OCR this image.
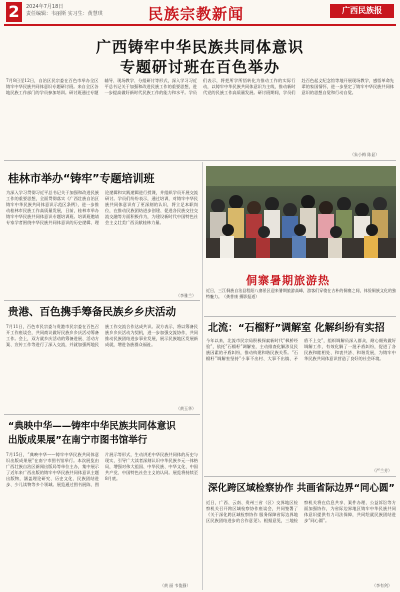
2	2024年7月18日
责任编辑：韦丽斯 实习生：黄慧琪	民族宗教新闻	广西民族报
广西铸牢中华民族共同体意识
专题研讨班在百色举办
7月8日至12日，自治区民宗委在百色市举办全区铸牢中华民族共同体意识专题研讨班。来自全区各地民族工作部门的学员参加培训。研讨班通过专题辅导、现场教学、分组研讨等形式，深入学习习近平总书记关于加强和改进民族工作的重要思想，进一步提高做好新时代民族工作的能力和水平。学员们表示，将把所学所悟转化为推动工作的实际行动，以铸牢中华民族共同体意识为主线，推动新时代党的民族工作高质量发展。研讨班期间，学员们赴百色起义纪念馆等地开展现场教学，感悟革命先辈的家国情怀，进一步坚定了铸牢中华民族共同体意识的思想自觉和行动自觉。
（朱小梅 陈显）
桂林市举办“铸牢”专题培训班
为深入学习贯彻习近平总书记关于加强和改进民族工作的重要思想，全面贯彻落实《广西壮族自治区铸牢中华民族共同体意识示范区条例》，进一步推动桂林市民族工作高质量发展，日前，桂林市举办铸牢中华民族共同体意识专题培训班。培训班邀请专家学者围绕中华民族共同体意识的历史逻辑、理论逻辑和实践逻辑进行授课，并组织学员开展交流研讨。学员们纷纷表示，通过培训，对铸牢中华民族共同体意识有了更深刻的认识，将立足本职岗位，在推动民族团结进步创建、促进各民族交往交流交融等方面积极作为，为建设新时代中国特色社会主义壮美广西贡献桂林力量。
（李雅兰）
侗寨暑期旅游热
近日，三江侗族自治县程阳八寨景区迎来暑期旅游高峰，游客们穿梭在古朴的侗寨之间，体验侗族文化的独特魅力。（龚普康 摄影报道）
贵港、百色携手筹备民族乡乡庆活动
7月11日，百色市民宗委与贵港市民宗委在百色召开工作座谈会，共同商议做好民族乡乡庆活动筹备工作。会上，双方就乡庆活动的筹备进展、活动方案、宣传工作等进行了深入交流，并就加强两地民族工作交流合作达成共识。双方表示，将以筹备民族乡乡庆活动为契机，进一步加强交流协作，共同推动民族团结进步事业发展，展示民族地区发展新成就，增进各族群众福祉。
（黄玉华）
北流：“石榴籽”调解室 化解纠纷有实招
今年以来，北流市民宗局积极探索新时代“枫桥经验”，依托“石榴籽”调解室，主动排查化解涉及民族因素的矛盾纠纷，推动构建和谐民族关系。“石榴籽”调解室坚持“小事不出村、大事不出镇、矛盾不上交”，组织调解员深入群众，耐心细致做好调解工作，有效化解了一批矛盾纠纷，促进了各民族和睦相处、和衷共济、和谐发展，为铸牢中华民族共同体意识营造了良好的社会环境。
（严兰芳）
“典映中华——铸牢中华民族共同体意识
出版成果展”在南宁市图书馆举行
7月15日，“典映中华——铸牢中华民族共同体意识出版成果展”在南宁市图书馆举行。本次展览由广西壮族自治区新闻出版局等单位主办，集中展示了近年来广西出版的铸牢中华民族共同体意识主题出版物，涵盖理论研究、历史文化、民族团结进步、少儿读物等多个领域。展览通过图书展陈、图片展示等形式，生动讲述中华民族共同体的历史与现实，引导广大读者深刻认识中华民族多元一体格局，增强对伟大祖国、中华民族、中华文化、中国共产党、中国特色社会主义的认同。展览将持续至8月底。
（黄 丽 韦俊静）
深化跨区域检察协作 共画省际边界“同心圆”
近日，广西、云南、贵州三省（区）交界地区检察机关召开跨区域检察协作座谈会，共同签署了《关于深化跨区域检察协作 服务保障省际边界地区民族团结进步的合作意见》。根据意见，三地检察机关将在信息共享、案件办理、公益诉讼等方面加强协作，为省际边界地区铸牢中华民族共同体意识提供有力司法保障，共同绘就民族团结进步“同心圆”。
（李有剑）
